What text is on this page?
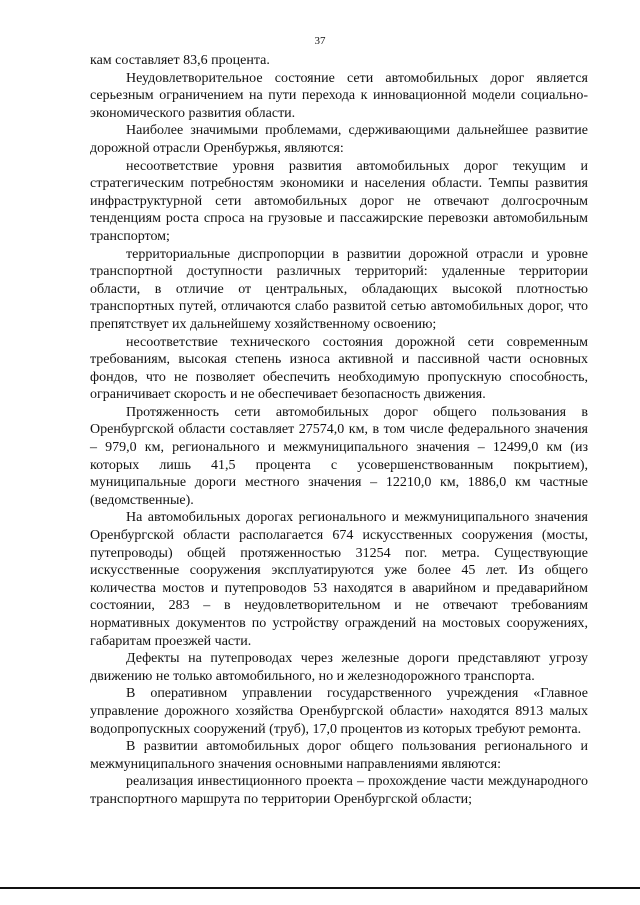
37

кам составляет 83,6 процента.

Неудовлетворительное состояние сети автомобильных дорог является серьезным ограничением на пути перехода к инновационной модели социально-экономического развития области.

Наиболее значимыми проблемами, сдерживающими дальнейшее развитие дорожной отрасли Оренбуржья, являются:

несоответствие уровня развития автомобильных дорог текущим и стратегическим потребностям экономики и населения области. Темпы развития инфраструктурной сети автомобильных дорог не отвечают долгосрочным тенденциям роста спроса на грузовые и пассажирские перевозки автомобильным транспортом;

территориальные диспропорции в развитии дорожной отрасли и уровне транспортной доступности различных территорий: удаленные территории области, в отличие от центральных, обладающих высокой плотностью транспортных путей, отличаются слабо развитой сетью автомобильных дорог, что препятствует их дальнейшему хозяйственному освоению;

несоответствие технического состояния дорожной сети современным требованиям, высокая степень износа активной и пассивной части основных фондов, что не позволяет обеспечить необходимую пропускную способность, ограничивает скорость и не обеспечивает безопасность движения.

Протяженность сети автомобильных дорог общего пользования в Оренбургской области составляет 27574,0 км, в том числе федерального значения – 979,0 км, регионального и межмуниципального значения – 12499,0 км (из которых лишь 41,5 процента с усовершенствованным покрытием), муниципальные дороги местного значения – 12210,0 км, 1886,0 км частные (ведомственные).

На автомобильных дорогах регионального и межмуниципального значения Оренбургской области располагается 674 искусственных сооружения (мосты, путепроводы) общей протяженностью 31254 пог. метра. Существующие искусственные сооружения эксплуатируются уже более 45 лет. Из общего количества мостов и путепроводов 53 находятся в аварийном и предаварийном состоянии, 283 – в неудовлетворительном и не отвечают требованиям нормативных документов по устройству ограждений на мостовых сооружениях, габаритам проезжей части.

Дефекты на путепроводах через железные дороги представляют угрозу движению не только автомобильного, но и железнодорожного транспорта.

В оперативном управлении государственного учреждения «Главное управление дорожного хозяйства Оренбургской области» находятся 8913 малых водопропускных сооружений (труб), 17,0 процентов из которых требуют ремонта.

В развитии автомобильных дорог общего пользования регионального и межмуниципального значения основными направлениями являются:

реализация инвестиционного проекта – прохождение части международного транспортного маршрута по территории Оренбургской области;
